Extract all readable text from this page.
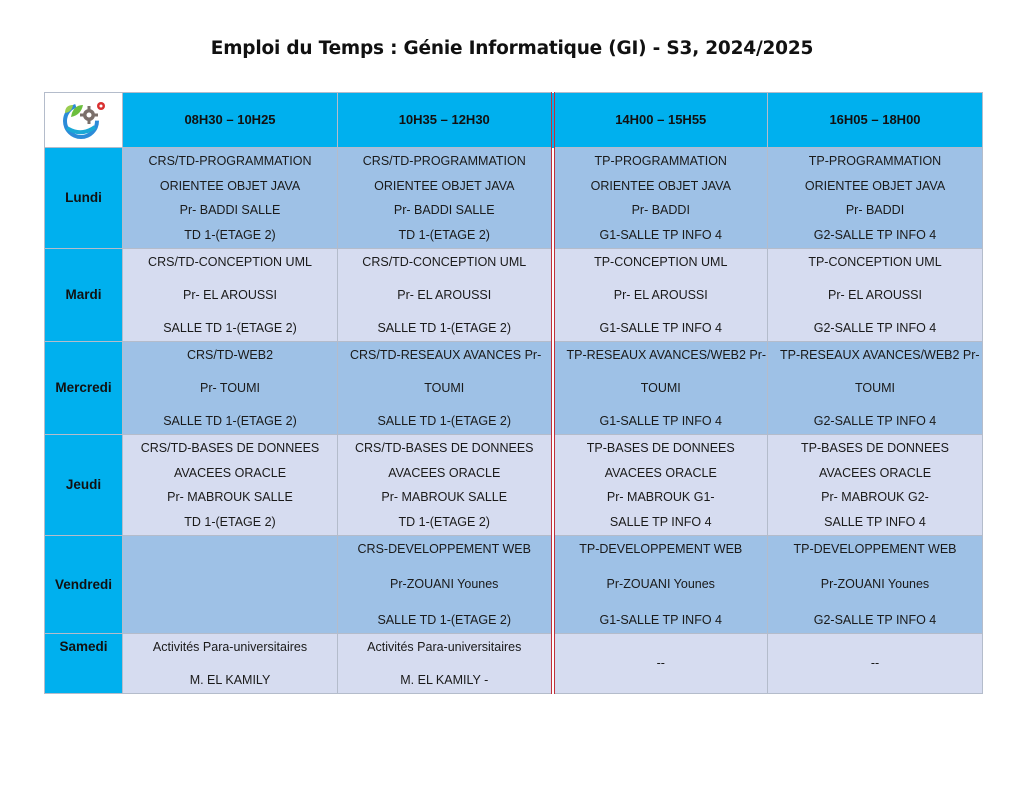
Emploi du Temps : Génie Informatique (GI) - S3, 2024/2025
	08H30 – 10H25	10H35 – 12H30	14H00 – 15H55	16H05 – 18H00
Lundi	CRS/TD-PROGRAMMATION
ORIENTEE OBJET JAVA
Pr- BADDI SALLE
TD 1-(ETAGE 2)	CRS/TD-PROGRAMMATION
ORIENTEE OBJET JAVA
Pr- BADDI SALLE
TD 1-(ETAGE 2)	TP-PROGRAMMATION
ORIENTEE OBJET JAVA
Pr- BADDI
G1-SALLE TP INFO 4	TP-PROGRAMMATION
ORIENTEE OBJET JAVA
Pr- BADDI
G2-SALLE TP INFO 4

Mardi	CRS/TD-CONCEPTION UML
Pr- EL AROUSSI
SALLE TD 1-(ETAGE 2)	CRS/TD-CONCEPTION UML
Pr- EL AROUSSI
SALLE TD 1-(ETAGE 2)	TP-CONCEPTION UML
Pr- EL AROUSSI
G1-SALLE TP INFO 4	TP-CONCEPTION UML
Pr- EL AROUSSI
G2-SALLE TP INFO 4

Mercredi	CRS/TD-WEB2
Pr- TOUMI
SALLE TD 1-(ETAGE 2)	CRS/TD-RESEAUX AVANCES Pr-
TOUMI
SALLE TD 1-(ETAGE 2)	TP-RESEAUX AVANCES/WEB2 Pr-
TOUMI
G1-SALLE TP INFO 4	TP-RESEAUX AVANCES/WEB2 Pr-
TOUMI
G2-SALLE TP INFO 4

Jeudi	CRS/TD-BASES DE DONNEES
AVACEES ORACLE
Pr- MABROUK SALLE
TD 1-(ETAGE 2)	CRS/TD-BASES DE DONNEES
AVACEES ORACLE
Pr- MABROUK SALLE
TD 1-(ETAGE 2)	TP-BASES DE DONNEES
AVACEES ORACLE
Pr- MABROUK G1-
SALLE TP INFO 4	TP-BASES DE DONNEES
AVACEES ORACLE
Pr- MABROUK G2-
SALLE TP INFO 4

Vendredi		CRS-DEVELOPPEMENT WEB
Pr-ZOUANI Younes
SALLE TD 1-(ETAGE 2)	TP-DEVELOPPEMENT WEB
Pr-ZOUANI Younes
G1-SALLE TP INFO 4	TP-DEVELOPPEMENT WEB
Pr-ZOUANI Younes
G2-SALLE TP INFO 4

Samedi	Activités Para-universitaires
M. EL KAMILY	Activités Para-universitaires
M. EL KAMILY -	--	--
